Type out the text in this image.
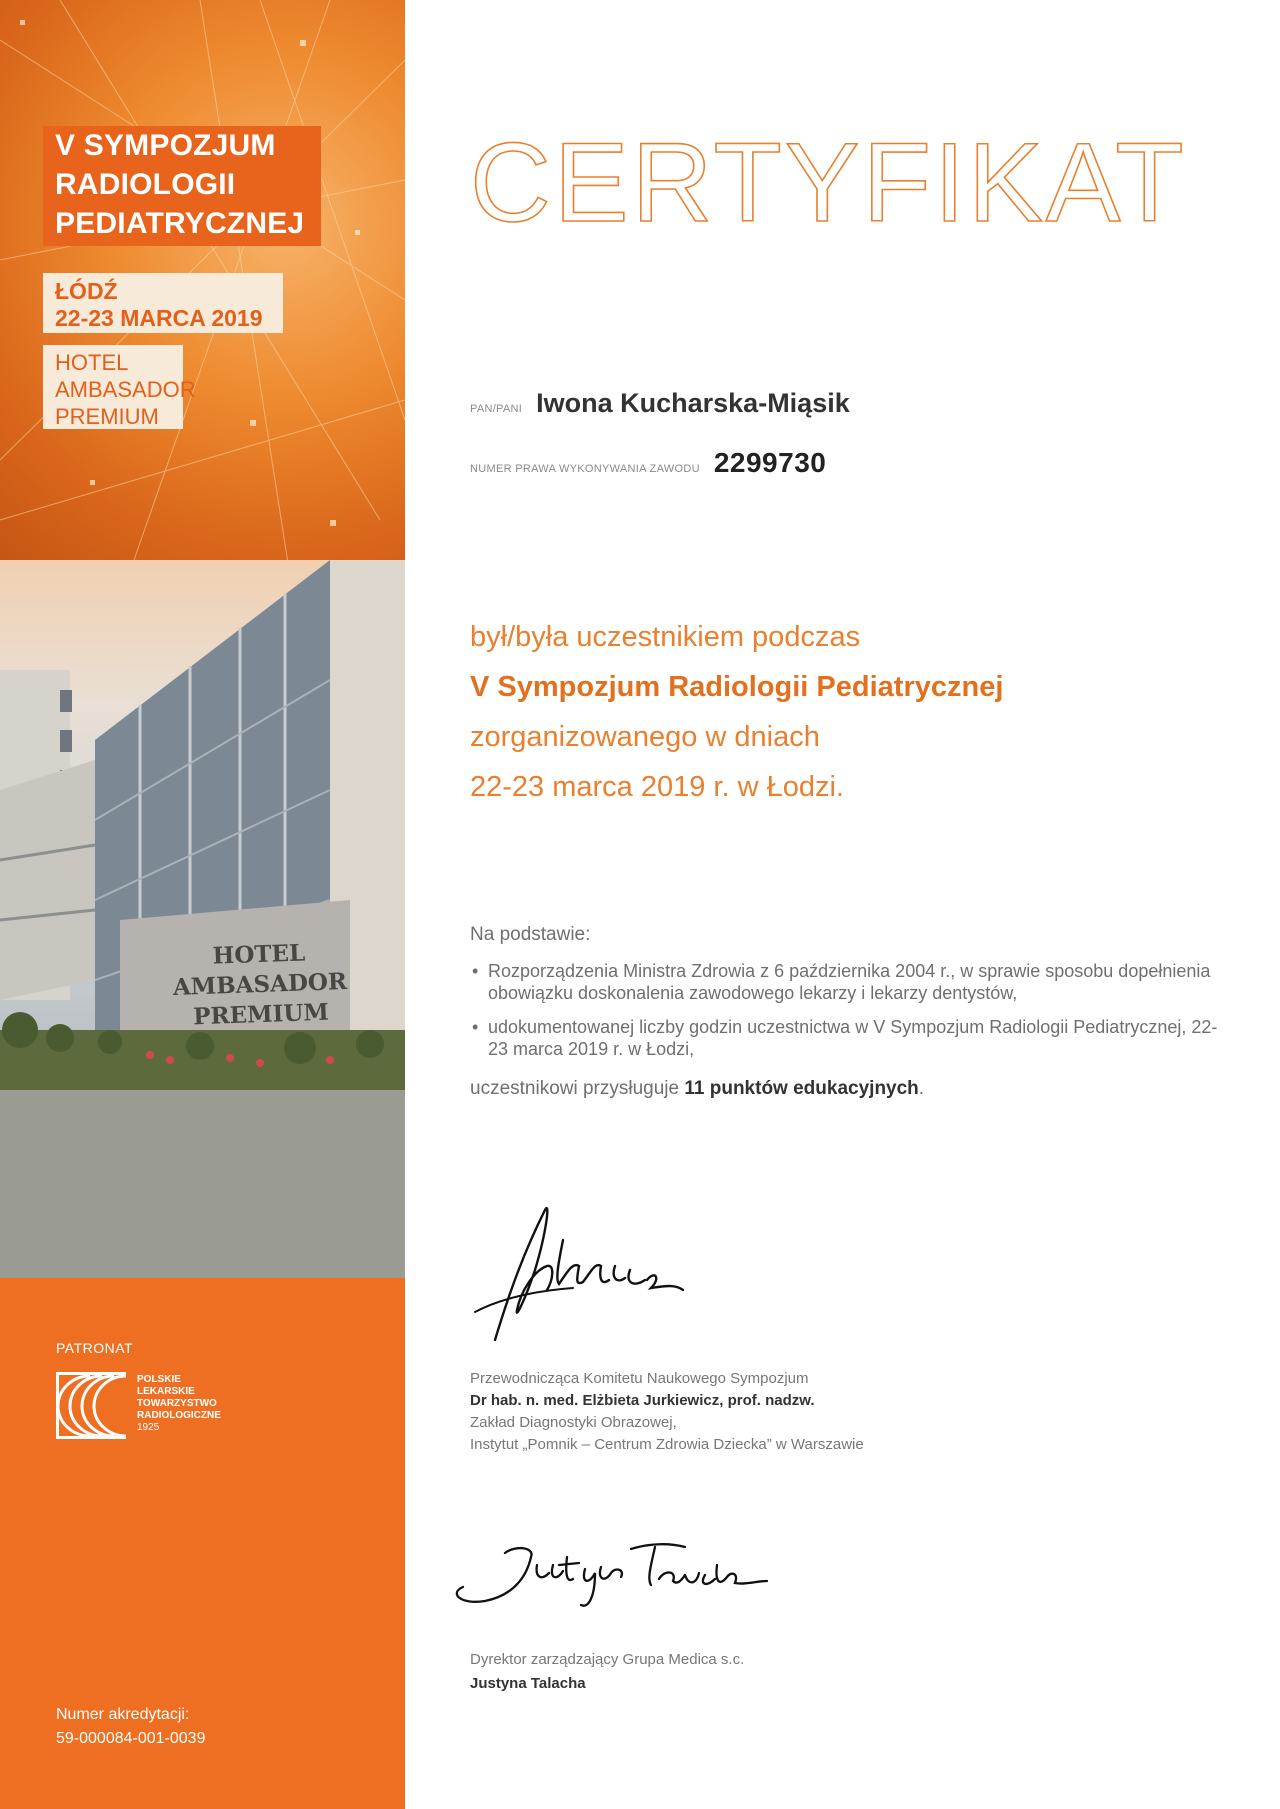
HOTEL
AMBASADOR
PREMIUM
V SYMPOZJUM
RADIOLOGII
PEDIATRYCZNEJ
ŁÓDŹ
22-23 MARCA 2019
HOTEL
AMBASADOR
PREMIUM
PATRONAT
POLSKIE
LEKARSKIE
TOWARZYSTWO
RADIOLOGICZNE
1925
Numer akredytacji:
59-000084-001-0039
CERTYFIKAT
PAN/PANI Iwona Kucharska-Miąsik
NUMER PRAWA WYKONYWANIA ZAWODU 2299730
był/była uczestnikiem podczas
V Sympozjum Radiologii Pediatrycznej
zorganizowanego w dniach
22-23 marca 2019 r. w Łodzi.
Na podstawie:
• Rozporządzenia Ministra Zdrowia z 6 października 2004 r., w sprawie sposobu dopełnienia obowiązku doskonalenia zawodowego lekarzy i lekarzy dentystów,
• udokumentowanej liczby godzin uczestnictwa w V Sympozjum Radiologii Pediatrycznej, 22-23 marca 2019 r. w Łodzi,
uczestnikowi przysługuje 11 punktów edukacyjnych.
Przewodnicząca Komitetu Naukowego Sympozjum
Dr hab. n. med. Elżbieta Jurkiewicz, prof. nadzw.
Zakład Diagnostyki Obrazowej,
Instytut „Pomnik – Centrum Zdrowia Dziecka” w Warszawie
Dyrektor zarządzający Grupa Medica s.c.
Justyna Talacha
